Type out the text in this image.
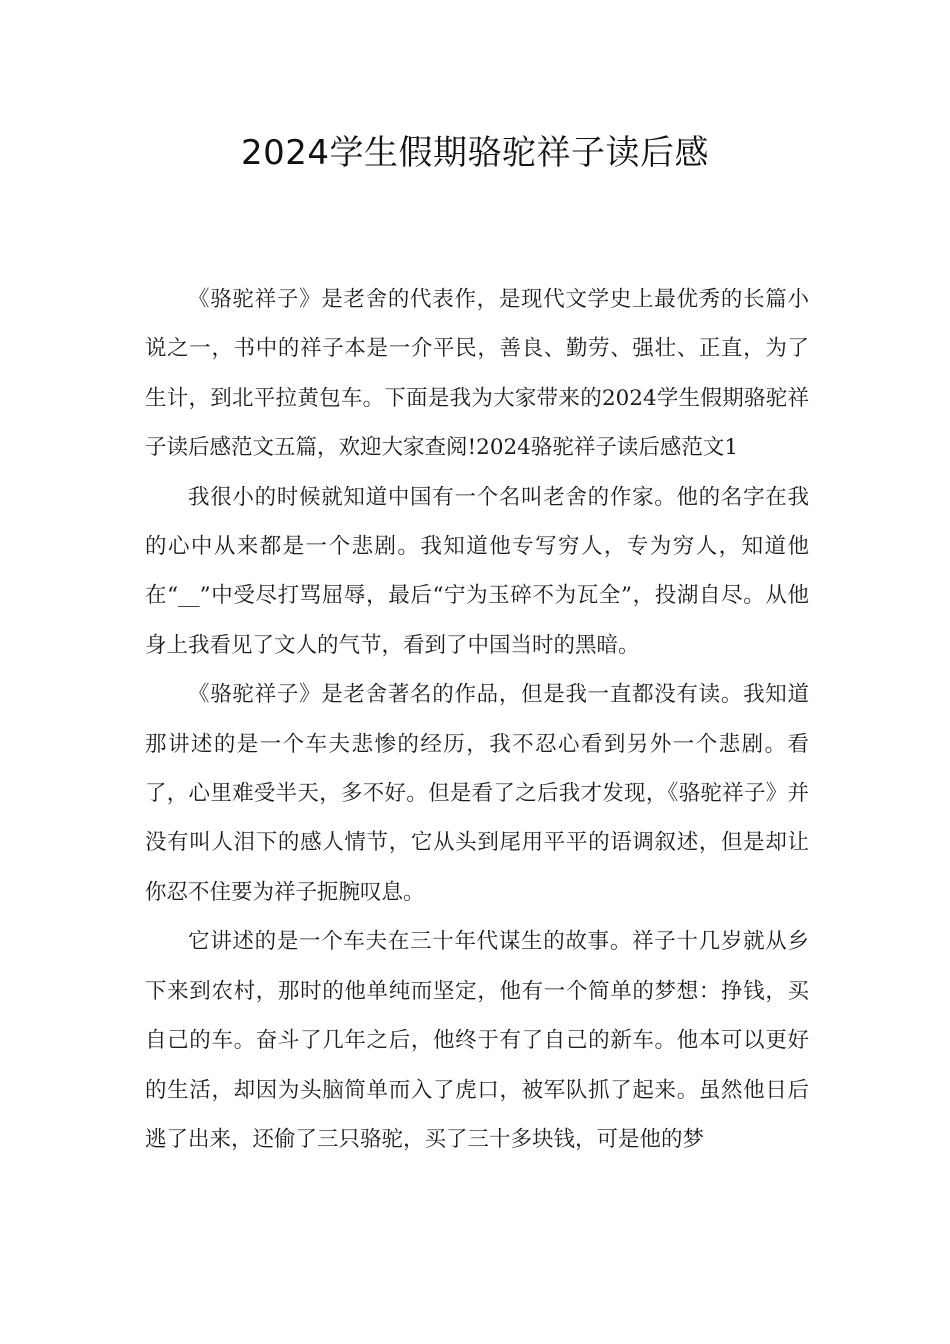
2024学生假期骆驼祥子读后感

《骆驼祥子》是老舍的代表作，是现代文学史上最优秀的长篇小说之一，书中的祥子本是一介平民，善良、勤劳、强壮、正直，为了生计，到北平拉黄包车。下面是我为大家带来的2024学生假期骆驼祥子读后感范文五篇，欢迎大家查阅!2024骆驼祥子读后感范文1

我很小的时候就知道中国有一个名叫老舍的作家。他的名字在我的心中从来都是一个悲剧。我知道他专写穷人，专为穷人，知道他在“__”中受尽打骂屈辱，最后“宁为玉碎不为瓦全”，投湖自尽。从他身上我看见了文人的气节，看到了中国当时的黑暗。

《骆驼祥子》是老舍著名的作品，但是我一直都没有读。我知道那讲述的是一个车夫悲惨的经历，我不忍心看到另外一个悲剧。看了，心里难受半天，多不好。但是看了之后我才发现，《骆驼祥子》并没有叫人泪下的感人情节，它从头到尾用平平的语调叙述，但是却让你忍不住要为祥子扼腕叹息。

它讲述的是一个车夫在三十年代谋生的故事。祥子十几岁就从乡下来到农村，那时的他单纯而坚定，他有一个简单的梦想：挣钱，买自己的车。奋斗了几年之后，他终于有了自己的新车。他本可以更好的生活，却因为头脑简单而入了虎口，被军队抓了起来。虽然他日后逃了出来，还偷了三只骆驼，买了三十多块钱，可是他的梦
